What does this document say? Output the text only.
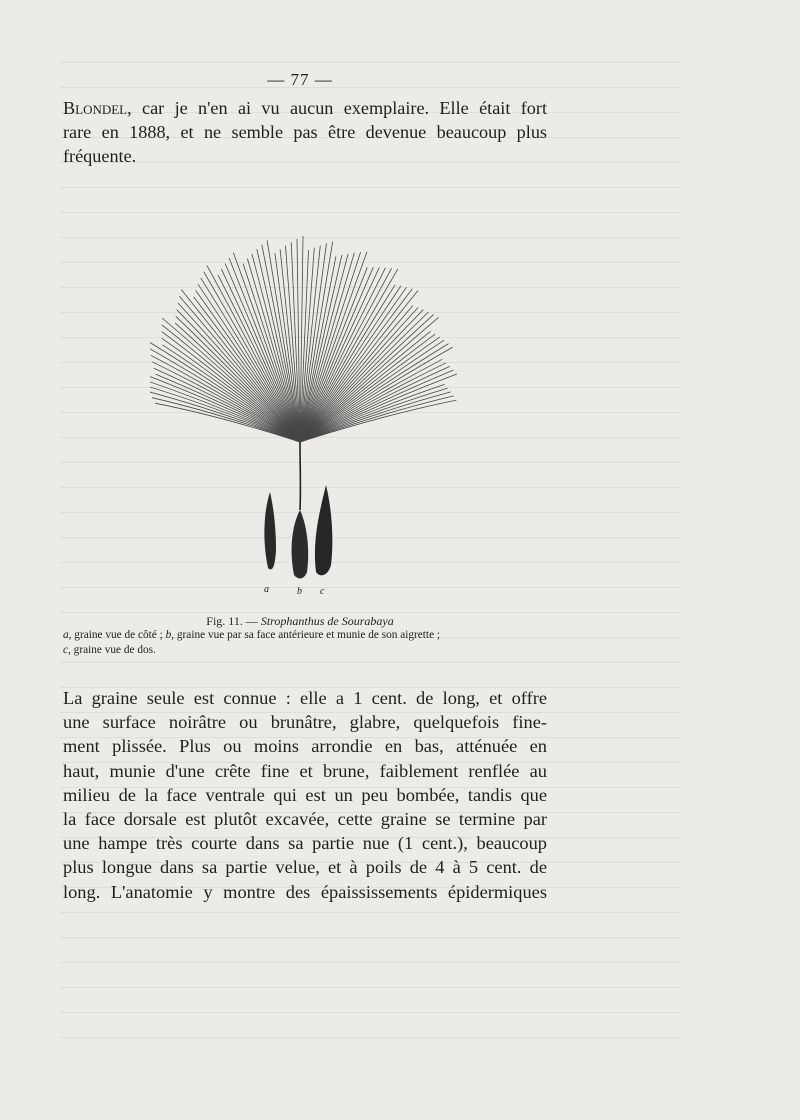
— 77 —

Blondel, car je n'en ai vu aucun exemplaire. Elle était fort
rare en 1888, et ne semble pas être devenue beaucoup plus
fréquente.

a	b c
Fig. 11. — Strophanthus de Sourabaya
a, graine vue de côté ; b, graine vue par sa face antérieure et munie de son aigrette ;
c, graine vue de dos.

La graine seule est connue : elle a 1 cent. de long, et offre
une surface noirâtre ou brunâtre, glabre, quelquefois fine-
ment plissée. Plus ou moins arrondie en bas, atténuée en
haut, munie d'une crête fine et brune, faiblement renflée au
milieu de la face ventrale qui est un peu bombée, tandis que
la face dorsale est plutôt excavée, cette graine se termine par
une hampe très courte dans sa partie nue (1 cent.), beaucoup
plus longue dans sa partie velue, et à poils de 4 à 5 cent. de
long. L'anatomie y montre des épaississements épidermiques
